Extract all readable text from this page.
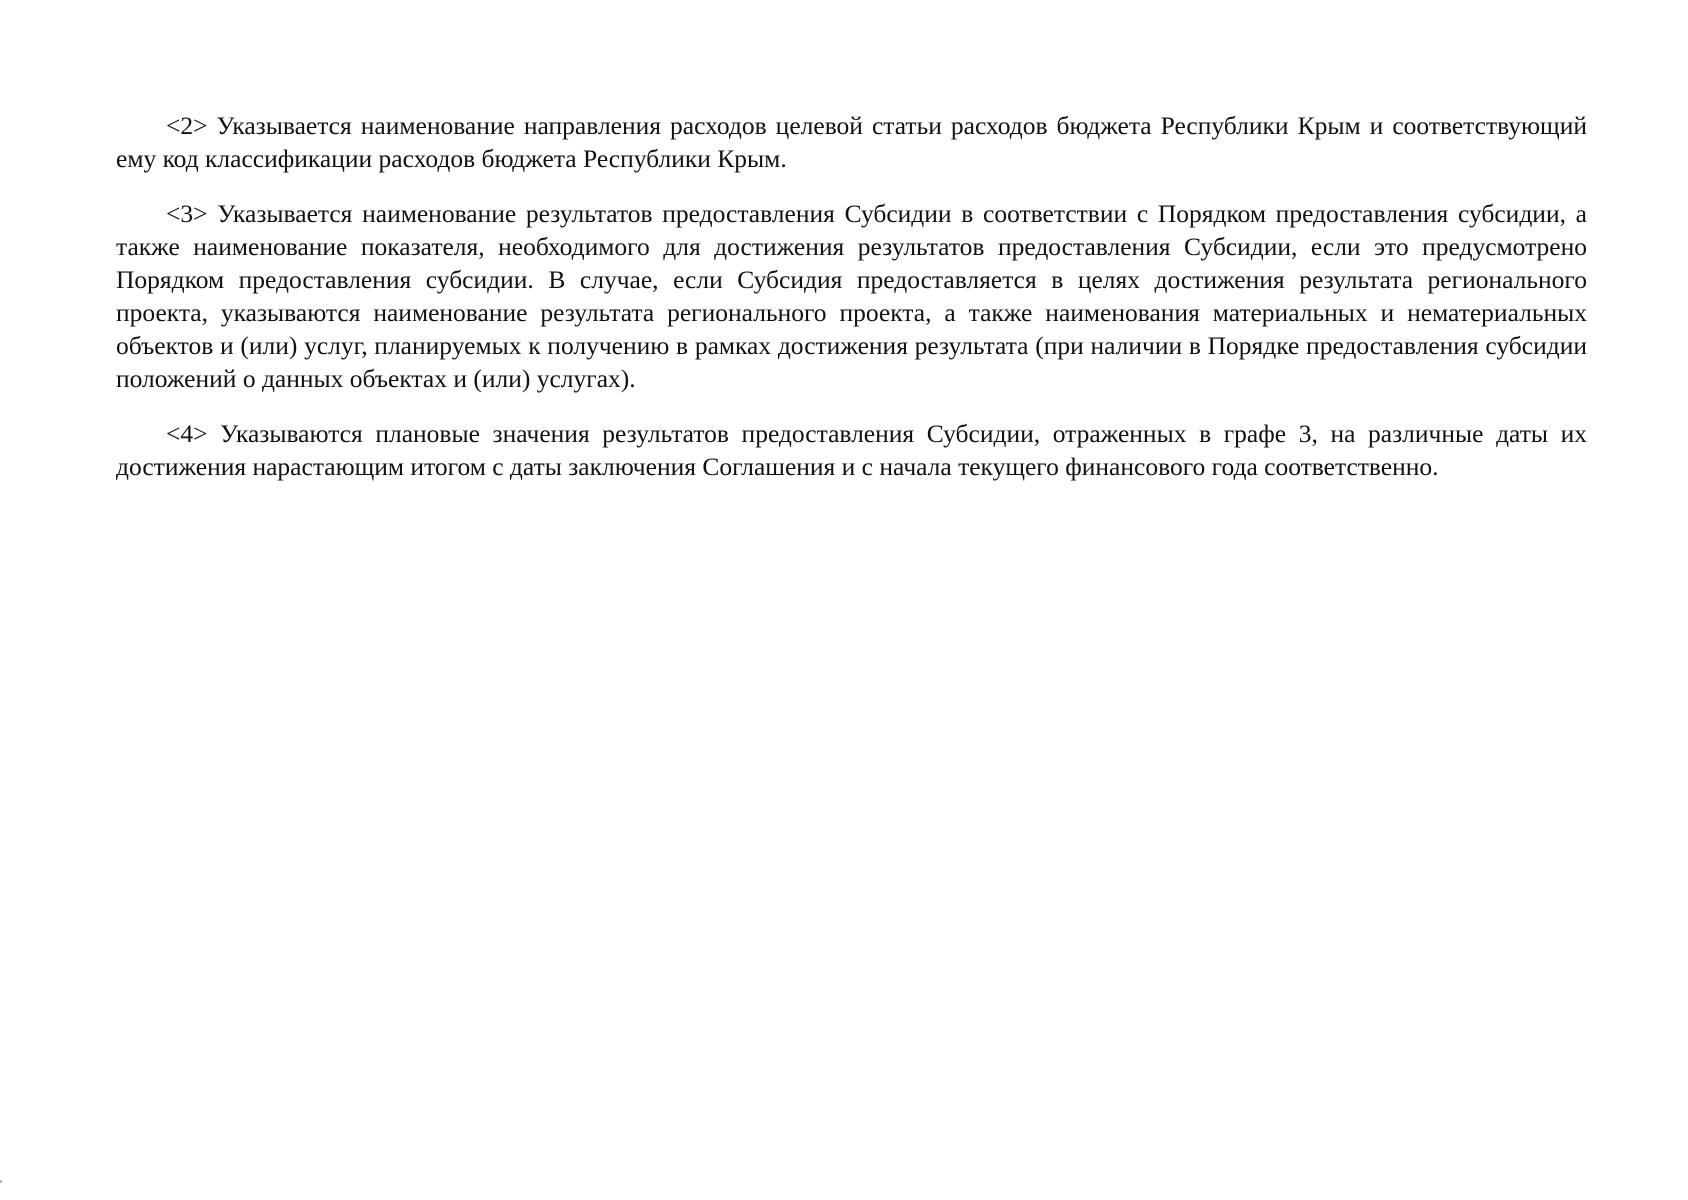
<2> Указывается наименование направления расходов целевой статьи расходов бюджета Республики Крым и соответствующий ему код классификации расходов бюджета Республики Крым.

<3> Указывается наименование результатов предоставления Субсидии в соответствии с Порядком предоставления субсидии, а также наименование показателя, необходимого для достижения результатов предоставления Субсидии, если это предусмотрено Порядком предоставления субсидии. В случае, если Субсидия предоставляется в целях достижения результата регионального проекта, указываются наименование результата регионального проекта, а также наименования материальных и нематериальных объектов и (или) услуг, планируемых к получению в рамках достижения результата (при наличии в Порядке предоставления субсидии положений о данных объектах и (или) услугах).

<4> Указываются плановые значения результатов предоставления Субсидии, отраженных в графе 3, на различные даты их достижения нарастающим итогом с даты заключения Соглашения и с начала текущего финансового года соответственно.
